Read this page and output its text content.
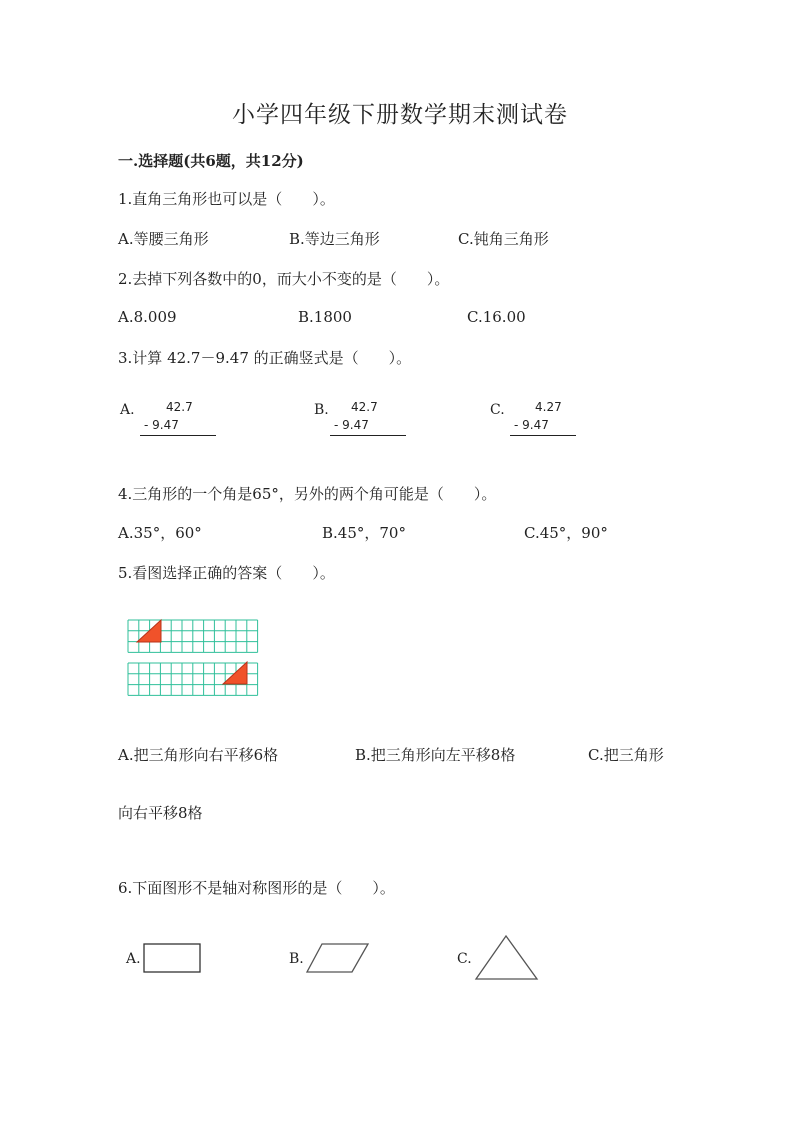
小学四年级下册数学期末测试卷
一.选择题(共6题，共12分)
1.直角三角形也可以是（　　）。
A.等腰三角形	B.等边三角形	C.钝角三角形
2.去掉下列各数中的0，而大小不变的是（　　）。
A.8.009	B.1800	C.16.00
3.计算 42.7－9.47 的正确竖式是（　　）。
A.	42.7
- 9.47
B. 42.7
- 9.47
C.	4.27
- 9.47
4.三角形的一个角是65°，另外的两个角可能是（　　）。
A.35°，60°	B.45°，70°	C.45°，90°
5.看图选择正确的答案（　　）。
A.把三角形向右平移6格	B.把三角形向左平移8格	C.把三角形
向右平移8格
6.下面图形不是轴对称图形的是（　　）。
A.	B.	C.
